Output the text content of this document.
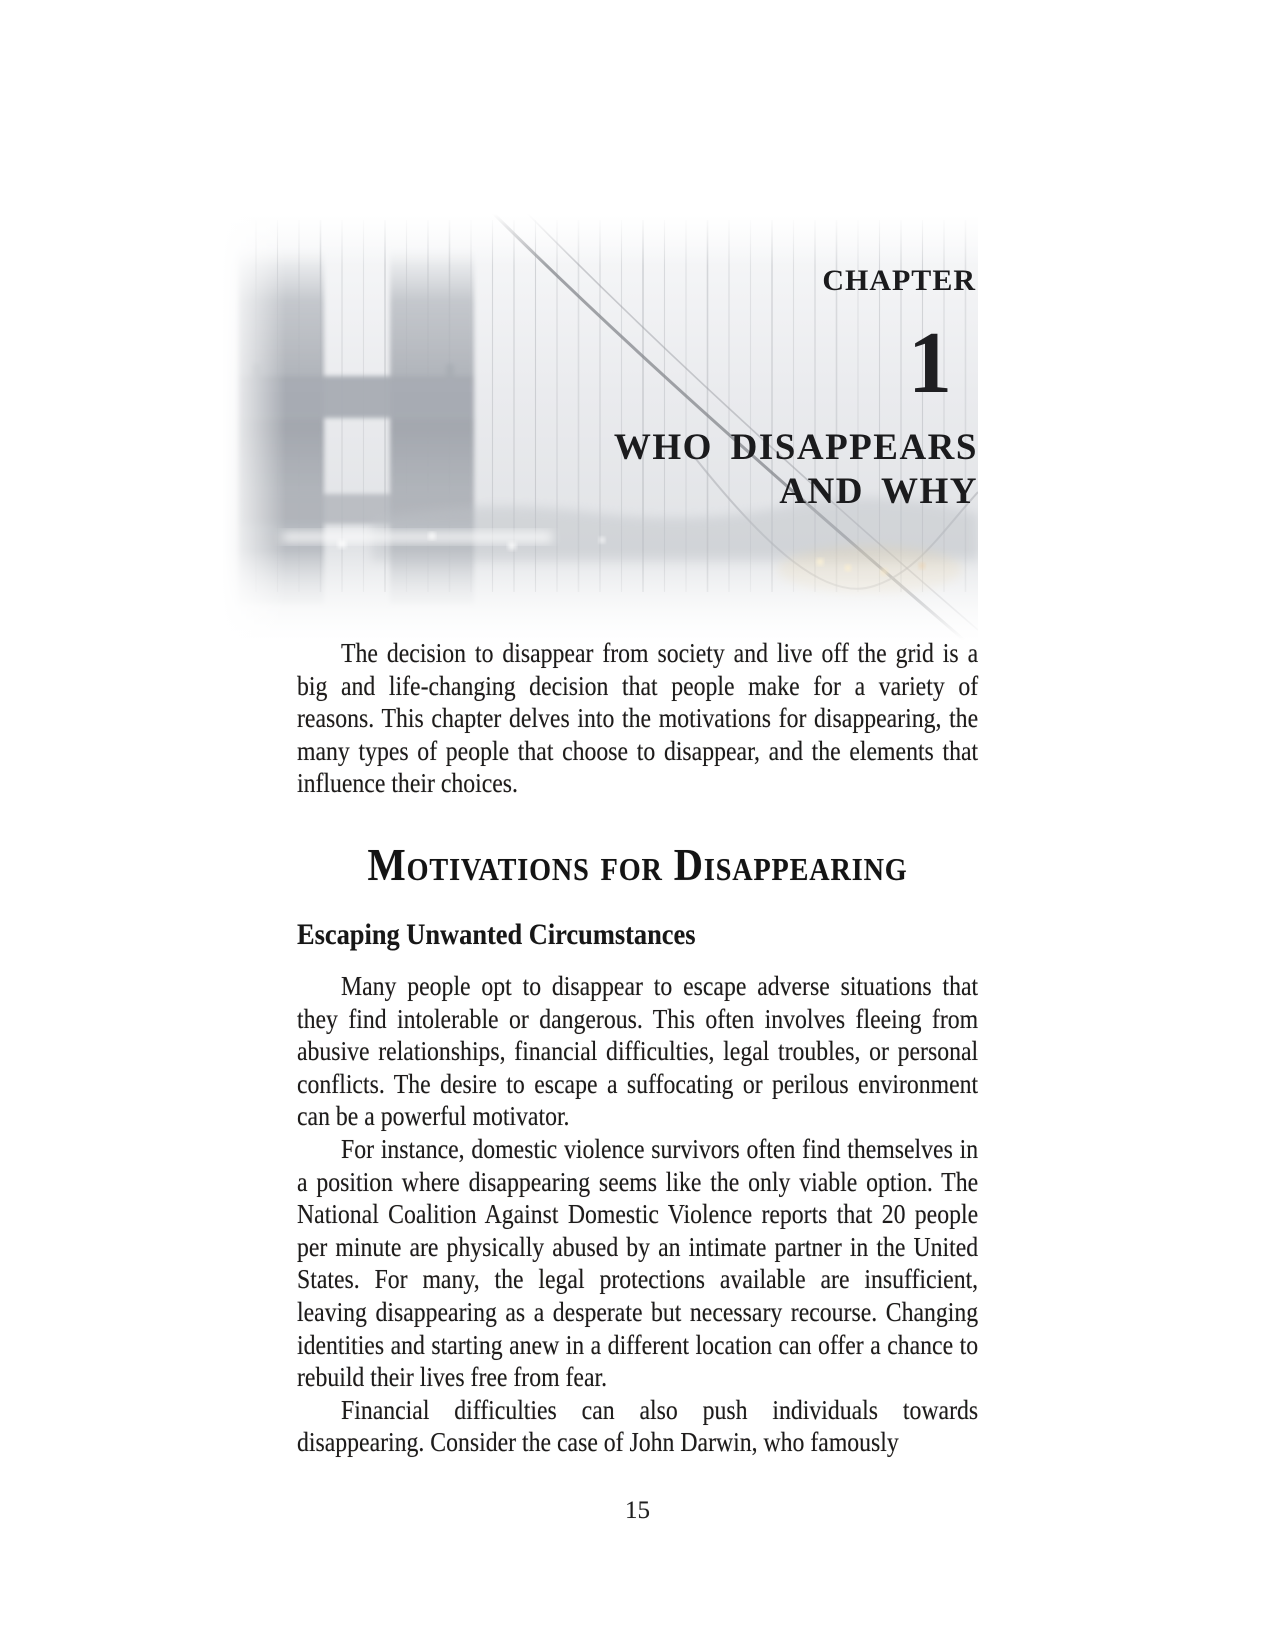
CHAPTER
1
WHO DISAPPEARS
AND WHY

The decision to disappear from society and live off the grid is a big and life-changing decision that people make for a variety of reasons. This chapter delves into the motivations for disappearing, the many types of people that choose to disappear, and the elements that influence their choices.

Motivations for Disappearing
Escaping Unwanted Circumstances

Many people opt to disappear to escape adverse situations that they find intolerable or dangerous. This often involves fleeing from abusive relationships, financial difficulties, legal troubles, or personal conflicts. The desire to escape a suffocating or perilous environment can be a powerful motivator.

For instance, domestic violence survivors often find themselves in a position where disappearing seems like the only viable option. The National Coalition Against Domestic Violence reports that 20 people per minute are physically abused by an intimate partner in the United States. For many, the legal protections available are insufficient, leaving disappearing as a desperate but necessary recourse. Changing identities and starting anew in a different location can offer a chance to rebuild their lives free from fear.

Financial difficulties can also push individuals towards disappearing. Consider the case of John Darwin, who famously

15
